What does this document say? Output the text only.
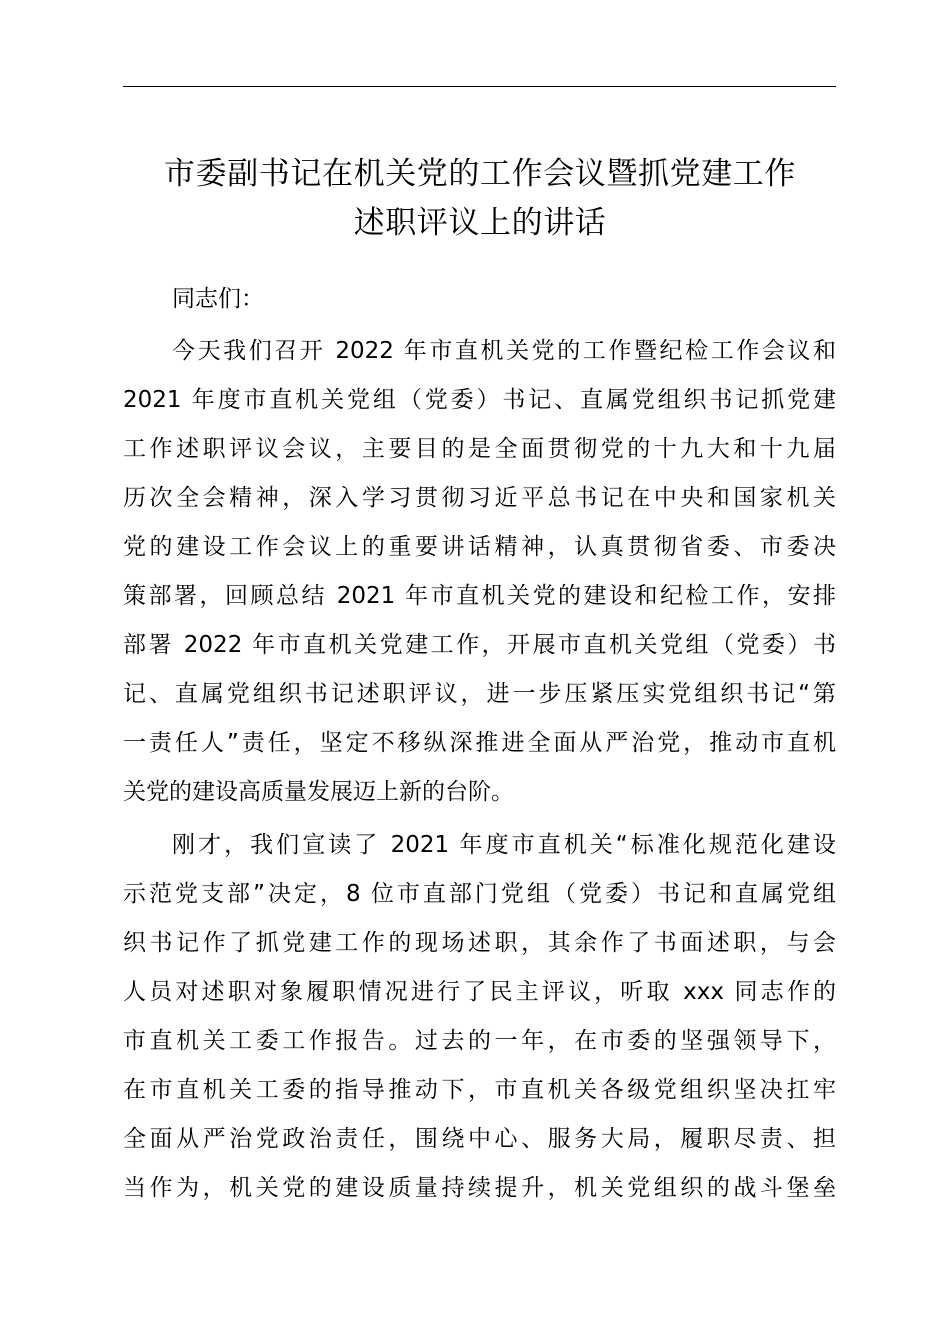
市委副书记在机关党的工作会议暨抓党建工作
述职评议上的讲话
同志们：
今天我们召开 2022 年市直机关党的工作暨纪检工作会议和
2021 年度市直机关党组（党委）书记、直属党组织书记抓党建
工作述职评议会议，主要目的是全面贯彻党的十九大和十九届
历次全会精神，深入学习贯彻习近平总书记在中央和国家机关
党的建设工作会议上的重要讲话精神，认真贯彻省委、市委决
策部署，回顾总结 2021 年市直机关党的建设和纪检工作，安排
部署 2022 年市直机关党建工作，开展市直机关党组（党委）书
记、直属党组织书记述职评议，进一步压紧压实党组织书记“第
一责任人”责任，坚定不移纵深推进全面从严治党，推动市直机
关党的建设高质量发展迈上新的台阶。
刚才，我们宣读了 2021 年度市直机关“标准化规范化建设
示范党支部”决定，8 位市直部门党组（党委）书记和直属党组
织书记作了抓党建工作的现场述职，其余作了书面述职，与会
人员对述职对象履职情况进行了民主评议，听取 xxx 同志作的
市直机关工委工作报告。过去的一年，在市委的坚强领导下，
在市直机关工委的指导推动下，市直机关各级党组织坚决扛牢
全面从严治党政治责任，围绕中心、服务大局，履职尽责、担
当作为，机关党的建设质量持续提升，机关党组织的战斗堡垒
